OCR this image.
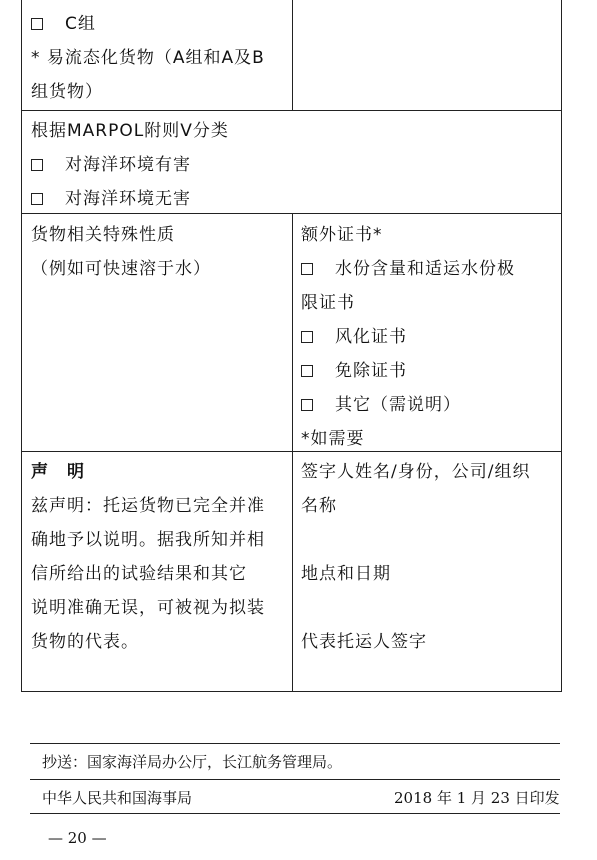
C组
* 易流态化货物（A组和A及B
组货物）
根据MARPOL附则V分类
对海洋环境有害
对海洋环境无害
货物相关特殊性质
（例如可快速溶于水）
额外证书*
水份含量和适运水份极
限证书
风化证书
免除证书
其它（需说明）
*如需要
声　明
兹声明：托运货物已完全并准
确地予以说明。据我所知并相
信所给出的试验结果和其它
说明准确无误，可被视为拟装
货物的代表。
签字人姓名/身份，公司/组织
名称
地点和日期
代表托运人签字
抄送：国家海洋局办公厅，长江航务管理局。
中华人民共和国海事局	2018 年 1 月 23 日印发
— 20 —
